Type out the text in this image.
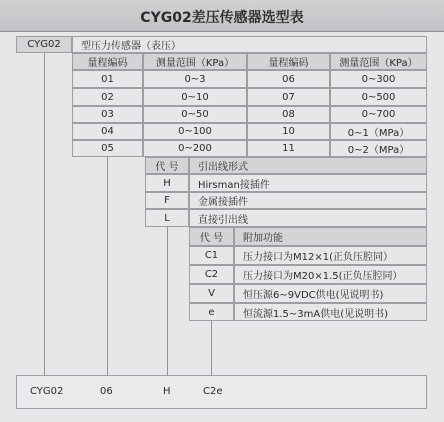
CYG02差压传感器选型表
CYG02	型压力传感器（表压）
量程编码	测量范围（KPa）	量程编码	测量范围（KPa）
01	0~3	06	0~300
02	0~10	07	0~500
03	0~50	08	0~700
04	0~100	10	0~1（MPa）
05	0~200	11	0~2（MPa）
代 号	引出线形式
H	Hirsman接插件
F	金属接插件
L	直接引出线
代 号	附加功能
C1	压力接口为M12×1(正负压腔同）
C2	压力接口为M20×1.5(正负压腔同）
V	恒压源6~9VDC供电(见说明书)
e	恒流源1.5~3mA供电(见说明书)
CYG02	06	H	C2e
